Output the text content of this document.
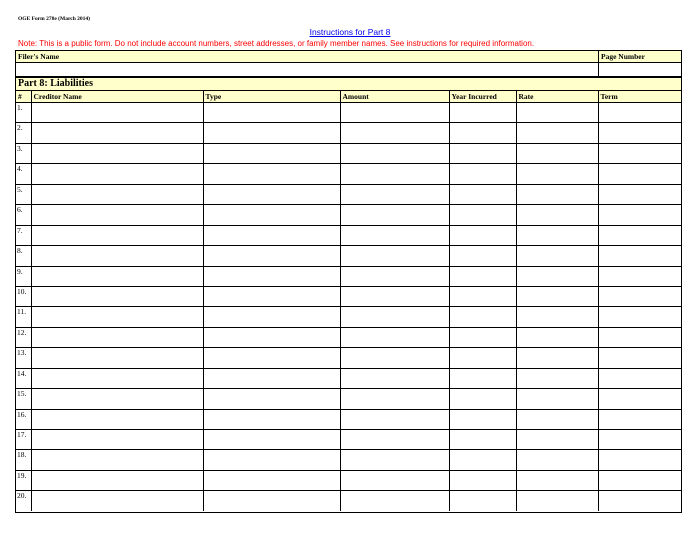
OGE Form 278e (March 2014)
Instructions for Part 8
Note: This is a public form. Do not include account numbers, street addresses, or family member names. See instructions for required information.
Filer's Name	Page Number
Part 8: Liabilities
#	Creditor Name	Type	Amount	Year Incurred	Rate	Term
1.						
2.						
3.						
4.						
5.						
6.						
7.						
8.						
9.						
10.						
11.						
12.						
13.						
14.						
15.						
16.						
17.						
18.						
19.						
20.						
